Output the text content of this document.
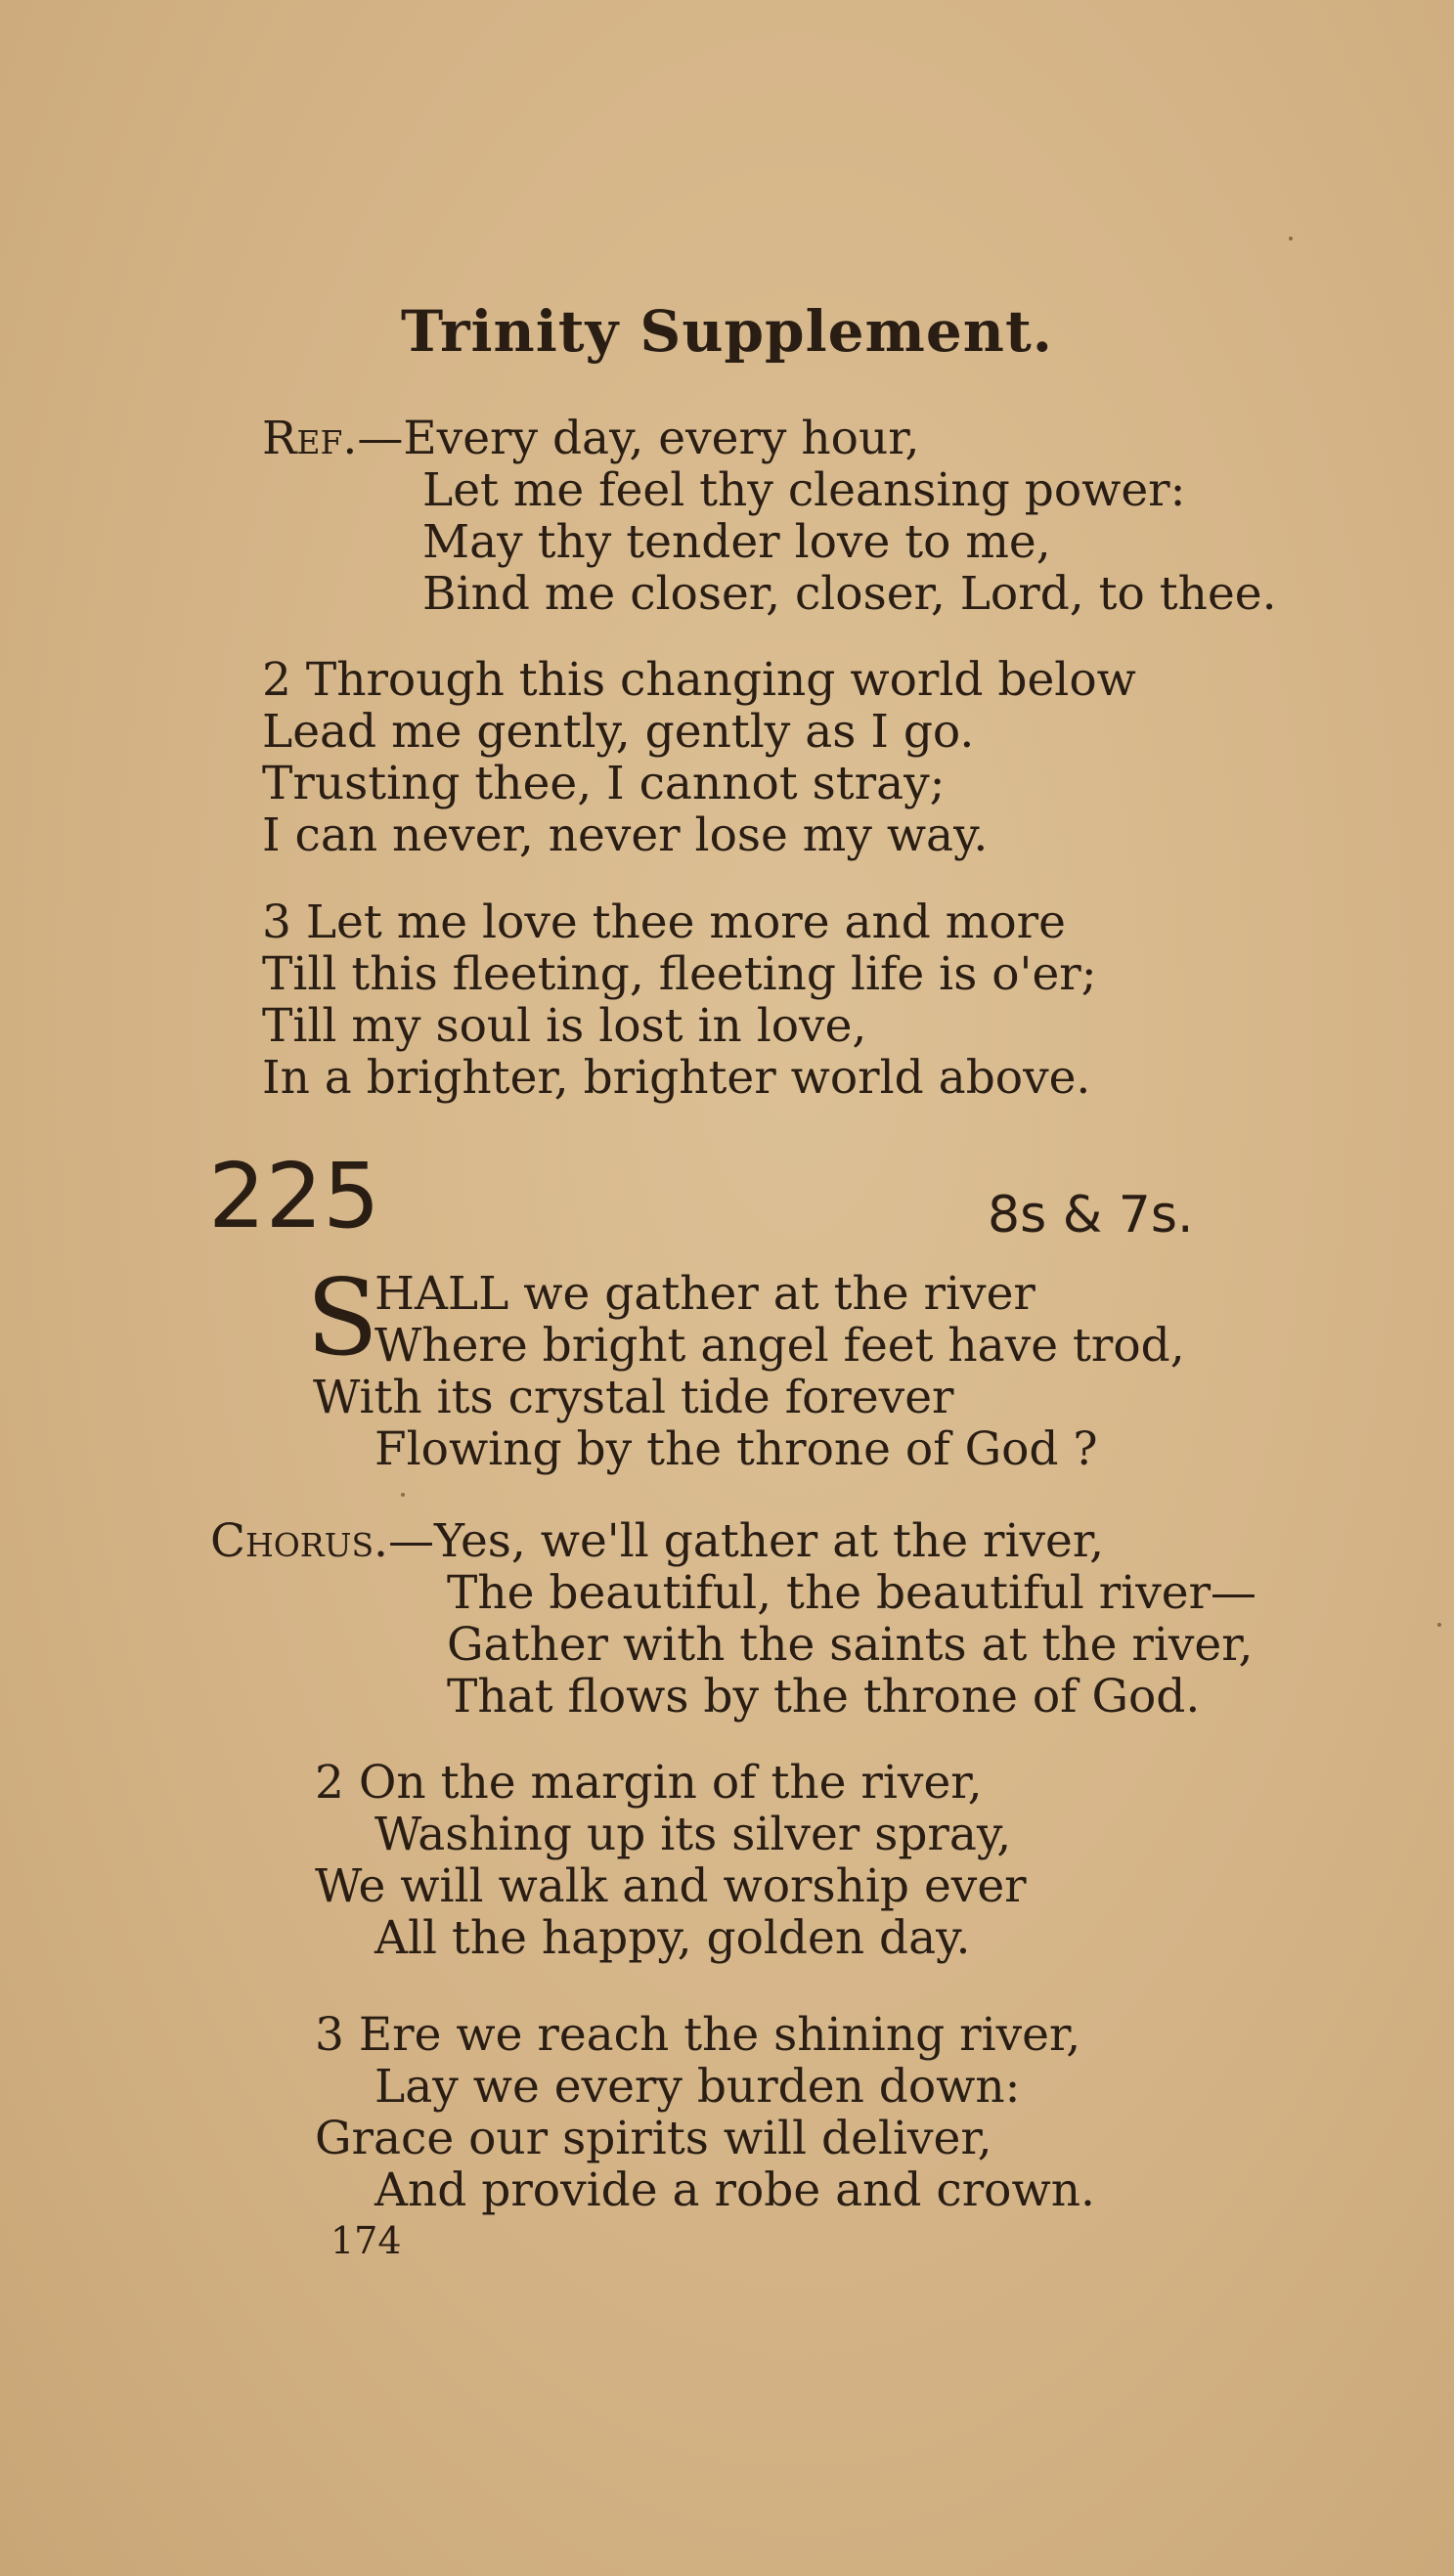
Trinity Supplement.
Ref.—Every day, every hour,
Let me feel thy cleansing power:
May thy tender love to me,
Bind me closer, closer, Lord, to thee.
2 Through this changing world below
Lead me gently, gently as I go.
Trusting thee, I cannot stray;
I can never, never lose my way.
3 Let me love thee more and more
Till this fleeting, fleeting life is o'er;
Till my soul is lost in love,
In a brighter, brighter world above.
225	8s & 7s.
S
HALL we gather at the river
Where bright angel feet have trod,
With its crystal tide forever
Flowing by the throne of God ?
Chorus.—Yes, we'll gather at the river,
The beautiful, the beautiful river—
Gather with the saints at the river,
That flows by the throne of God.
2 On the margin of the river,
Washing up its silver spray,
We will walk and worship ever
All the happy, golden day.
3 Ere we reach the shining river,
Lay we every burden down:
Grace our spirits will deliver,
And provide a robe and crown.
174
